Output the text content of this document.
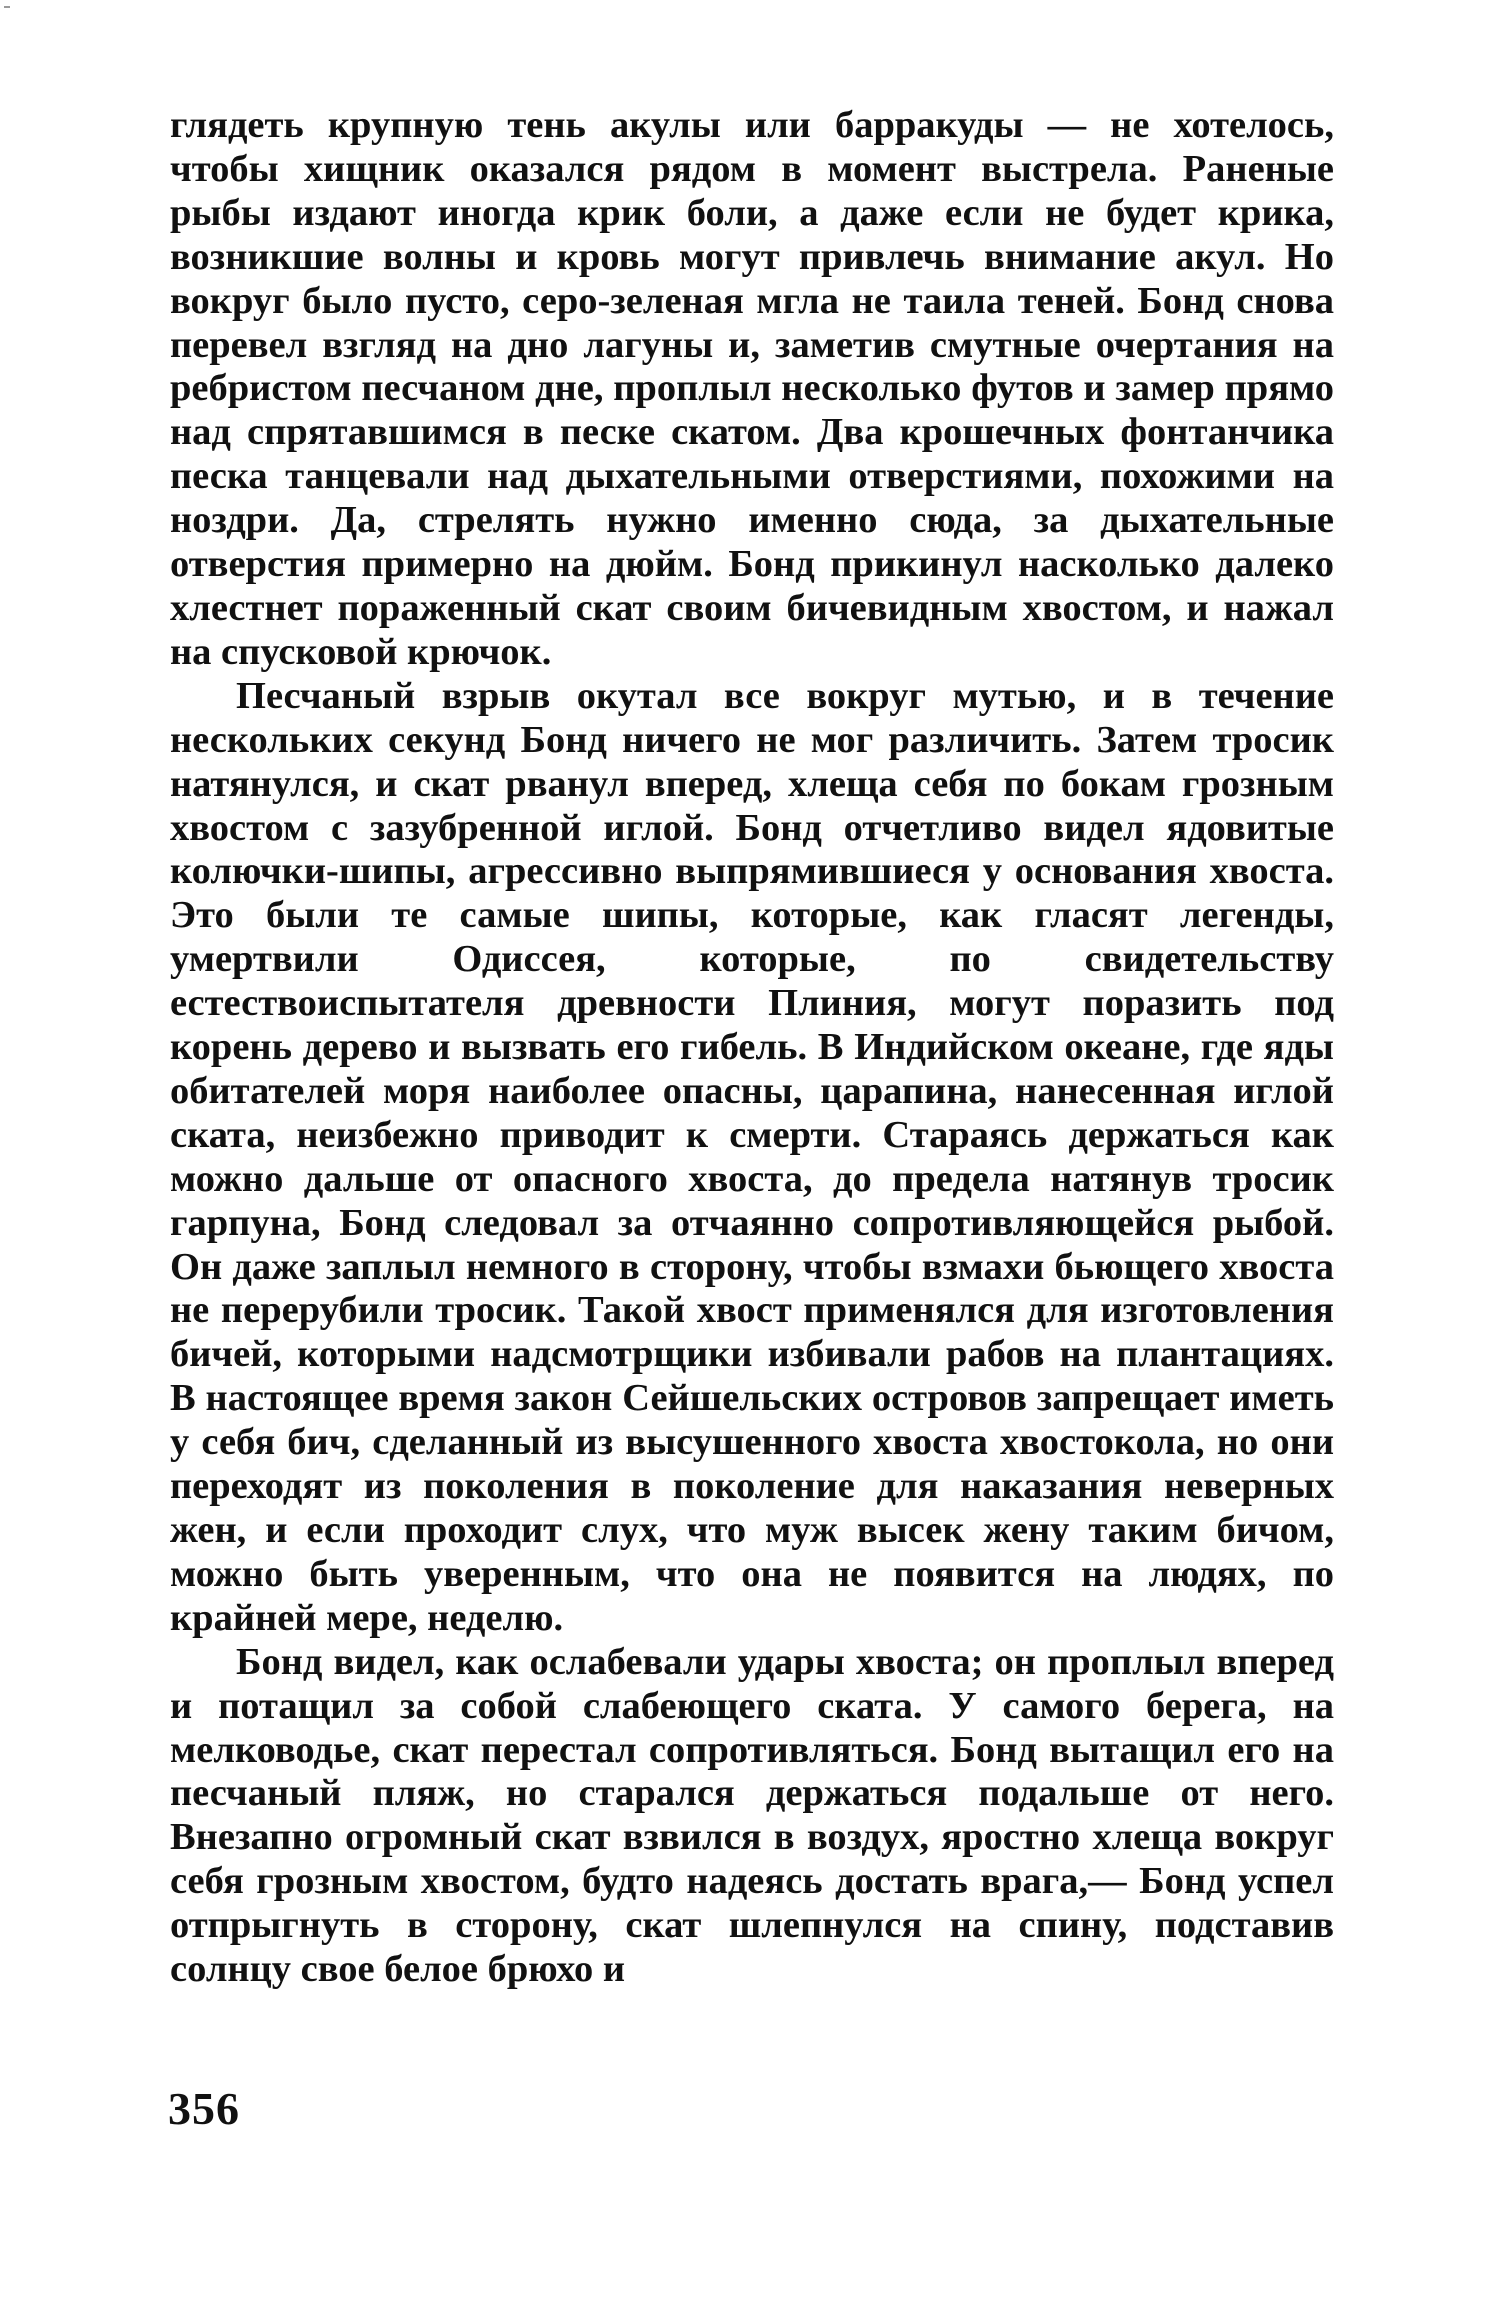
глядеть крупную тень акулы или барракуды — не хотелось, чтобы хищник оказался рядом в момент выстрела. Раненые рыбы издают иногда крик боли, а даже если не будет крика, возникшие волны и кровь могут привлечь внимание акул. Но вокруг было пусто, серо-зеленая мгла не таила теней. Бонд снова перевел взгляд на дно лагуны и, заметив смутные очертания на ребристом песчаном дне, проплыл несколько футов и замер прямо над спрятавшимся в песке скатом. Два крошечных фонтанчика песка танцевали над дыхательными отверстиями, похожими на ноздри. Да, стрелять нужно именно сюда, за дыхательные отверстия примерно на дюйм. Бонд прикинул насколько далеко хлестнет пораженный скат своим бичевидным хвостом, и нажал на спусковой крючок.

Песчаный взрыв окутал все вокруг мутью, и в течение нескольких секунд Бонд ничего не мог различить. Затем тросик натянулся, и скат рванул вперед, хлеща себя по бокам грозным хвостом с зазубренной иглой. Бонд отчетливо видел ядовитые колючки-шипы, агрессивно выпрямившиеся у основания хвоста. Это были те самые шипы, которые, как гласят легенды, умертвили Одиссея, которые, по свидетельству естествоиспытателя древности Плиния, могут поразить под корень дерево и вызвать его гибель. В Индийском океане, где яды обитателей моря наиболее опасны, царапина, нанесенная иглой ската, неизбежно приводит к смерти. Стараясь держаться как можно дальше от опасного хвоста, до предела натянув тросик гарпуна, Бонд следовал за отчаянно сопротивляющейся рыбой. Он даже заплыл немного в сторону, чтобы взмахи бьющего хвоста не перерубили тросик. Такой хвост применялся для изготовления бичей, которыми надсмотрщики избивали рабов на плантациях. В настоящее время закон Сейшельских островов запрещает иметь у себя бич, сделанный из высушенного хвоста хвостокола, но они переходят из поколения в поколение для наказания неверных жен, и если проходит слух, что муж высек жену таким бичом, можно быть уверенным, что она не появится на людях, по крайней мере, неделю.

Бонд видел, как ослабевали удары хвоста; он проплыл вперед и потащил за собой слабеющего ската. У самого берега, на мелководье, скат перестал сопротивляться. Бонд вытащил его на песчаный пляж, но старался держаться подальше от него. Внезапно огромный скат взвился в воздух, яростно хлеща вокруг себя грозным хвостом, будто надеясь достать врага,— Бонд успел отпрыгнуть в сторону, скат шлепнулся на спину, подставив солнцу свое белое брюхо и

356
